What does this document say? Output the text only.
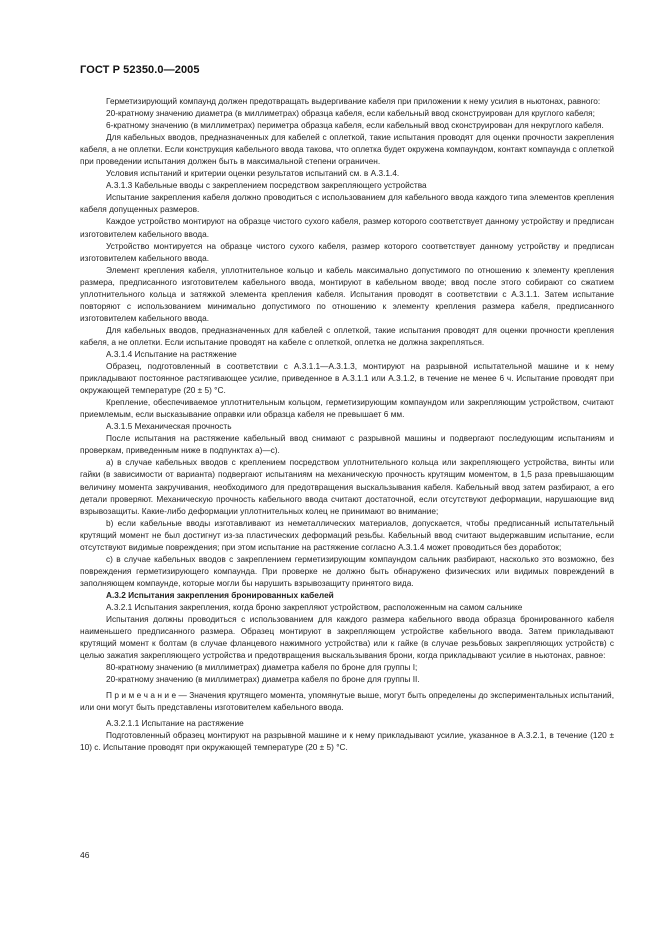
ГОСТ Р 52350.0—2005

Герметизирующий компаунд должен предотвращать выдергивание кабеля при приложении к нему усилия в ньютонах, равного:

20-кратному значению диаметра (в миллиметрах) образца кабеля, если кабельный ввод сконструирован для круглого кабеля;

6-кратному значению (в миллиметрах) периметра образца кабеля, если кабельный ввод сконструирован для некруглого кабеля.

Для кабельных вводов, предназначенных для кабелей с оплеткой, такие испытания проводят для оценки прочности закрепления кабеля, а не оплетки. Если конструкция кабельного ввода такова, что оплетка будет окружена компаундом, контакт компаунда с оплеткой при проведении испытания должен быть в максимальной степени ограничен.

Условия испытаний и критерии оценки результатов испытаний см. в А.3.1.4.

А.3.1.3 Кабельные вводы с закреплением посредством закрепляющего устройства

Испытание закрепления кабеля должно проводиться с использованием для кабельного ввода каждого типа элементов крепления кабеля допущенных размеров.

Каждое устройство монтируют на образце чистого сухого кабеля, размер которого соответствует данному устройству и предписан изготовителем кабельного ввода.

Устройство монтируется на образце чистого сухого кабеля, размер которого соответствует данному устройству и предписан изготовителем кабельного ввода.

Элемент крепления кабеля, уплотнительное кольцо и кабель максимально допустимого по отношению к элементу крепления размера, предписанного изготовителем кабельного ввода, монтируют в кабельном вводе; ввод после этого собирают со сжатием уплотнительного кольца и затяжкой элемента крепления кабеля. Испытания проводят в соответствии с А.3.1.1. Затем испытание повторяют с использованием минимально допустимого по отношению к элементу крепления размера кабеля, предписанного изготовителем кабельного ввода.

Для кабельных вводов, предназначенных для кабелей с оплеткой, такие испытания проводят для оценки прочности крепления кабеля, а не оплетки. Если испытание проводят на кабеле с оплеткой, оплетка не должна закрепляться.

А.3.1.4 Испытание на растяжение

Образец, подготовленный в соответствии с А.3.1.1—А.3.1.3, монтируют на разрывной испытательной машине и к нему прикладывают постоянное растягивающее усилие, приведенное в А.3.1.1 или А.3.1.2, в течение не менее 6 ч. Испытание проводят при окружающей температуре (20 ± 5) °С.

Крепление, обеспечиваемое уплотнительным кольцом, герметизирующим компаундом или закрепляющим устройством, считают приемлемым, если высказывание оправки или образца кабеля не превышает 6 мм.

А.3.1.5 Механическая прочность

После испытания на растяжение кабельный ввод снимают с разрывной машины и подвергают последующим испытаниям и проверкам, приведенным ниже в подпунктах а)—с).

а) в случае кабельных вводов с креплением посредством уплотнительного кольца или закрепляющего устройства, винты или гайки (в зависимости от варианта) подвергают испытаниям на механическую прочность крутящим моментом, в 1,5 раза превышающим величину момента закручивания, необходимого для предотвращения выскальзывания кабеля. Кабельный ввод затем разбирают, а его детали проверяют. Механическую прочность кабельного ввода считают достаточной, если отсутствуют деформации, нарушающие вид взрывозащиты. Какие-либо деформации уплотнительных колец не принимают во внимание;

b) если кабельные вводы изготавливают из неметаллических материалов, допускается, чтобы предписанный испытательный крутящий момент не был достигнут из-за пластических деформаций резьбы. Кабельный ввод считают выдержавшим испытание, если отсутствуют видимые повреждения; при этом испытание на растяжение согласно А.3.1.4 может проводиться без доработок;

с) в случае кабельных вводов с закреплением герметизирующим компаундом сальник разбирают, насколько это возможно, без повреждения герметизирующего компаунда. При проверке не должно быть обнаружено физических или видимых повреждений в заполняющем компаунде, которые могли бы нарушить взрывозащиту принятого вида.

А.3.2 Испытания закрепления бронированных кабелей

А.3.2.1 Испытания закрепления, когда броню закрепляют устройством, расположенным на самом сальнике

Испытания должны проводиться с использованием для каждого размера кабельного ввода образца бронированного кабеля наименьшего предписанного размера. Образец монтируют в закрепляющем устройстве кабельного ввода. Затем прикладывают крутящий момент к болтам (в случае фланцевого нажимного устройства) или к гайке (в случае резьбовых закрепляющих устройств) с целью зажатия закрепляющего устройства и предотвращения выскальзывания брони, когда прикладывают усилие в ньютонах, равное:

80-кратному значению (в миллиметрах) диаметра кабеля по броне для группы I;

20-кратному значению (в миллиметрах) диаметра кабеля по броне для группы II.

П р и м е ч а н и е — Значения крутящего момента, упомянутые выше, могут быть определены до экспериментальных испытаний, или они могут быть представлены изготовителем кабельного ввода.

А.3.2.1.1 Испытание на растяжение

Подготовленный образец монтируют на разрывной машине и к нему прикладывают усилие, указанное в А.3.2.1, в течение (120 ± 10) с. Испытание проводят при окружающей температуре (20 ± 5) °С.

46
